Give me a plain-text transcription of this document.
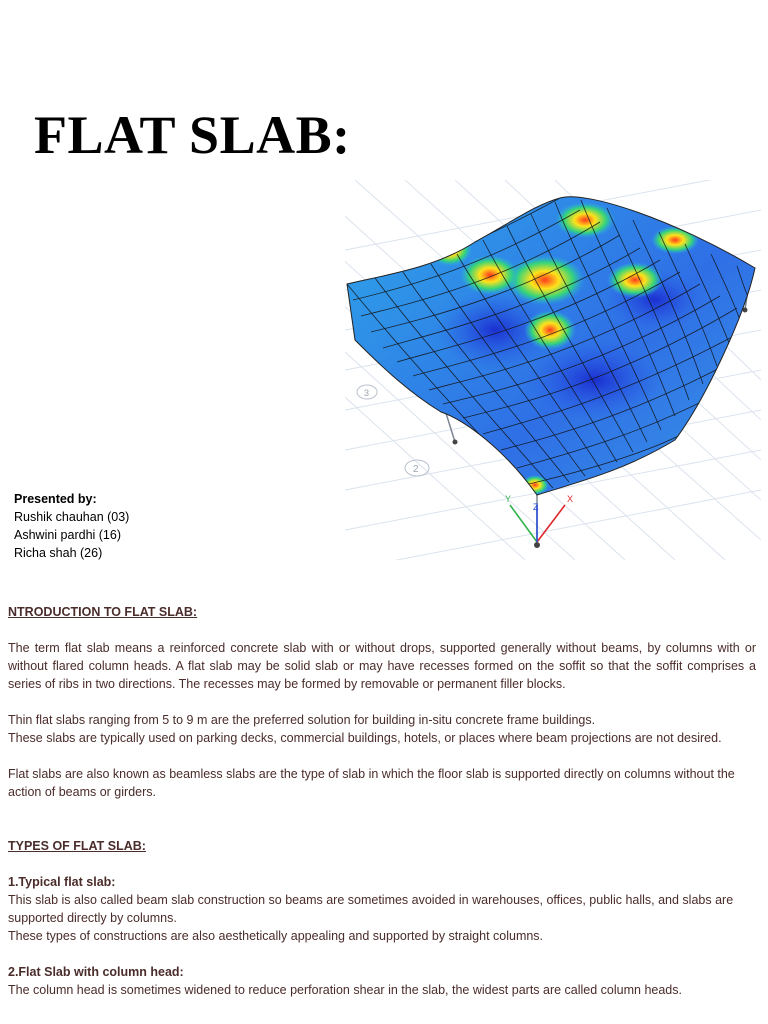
FLAT SLAB:
2
3
Y	X
Z
Presented by:
Rushik chauhan (03)
Ashwini pardhi (16)
Richa shah (26)

NTRODUCTION TO FLAT SLAB:

The term flat slab means a reinforced concrete slab with or without drops, supported generally without beams, by columns with or without flared column heads. A flat slab may be solid slab or may have recesses formed on the soffit so that the soffit comprises a series of ribs in two directions. The recesses may be formed by removable or permanent filler blocks.

Thin flat slabs ranging from 5 to 9 m are the preferred solution for building in-situ concrete frame buildings.

These slabs are typically used on parking decks, commercial buildings, hotels, or places where beam projections are not desired.

Flat slabs are also known as beamless slabs are the type of slab in which the floor slab is supported directly on columns without the action of beams or girders.

TYPES OF FLAT SLAB:

1.Typical flat slab:

This slab is also called beam slab construction so beams are sometimes avoided in warehouses, offices, public halls, and slabs are supported directly by columns.

These types of constructions are also aesthetically appealing and supported by straight columns.

2.Flat Slab with column head:

The column head is sometimes widened to reduce perforation shear in the slab, the widest parts are called column heads.
